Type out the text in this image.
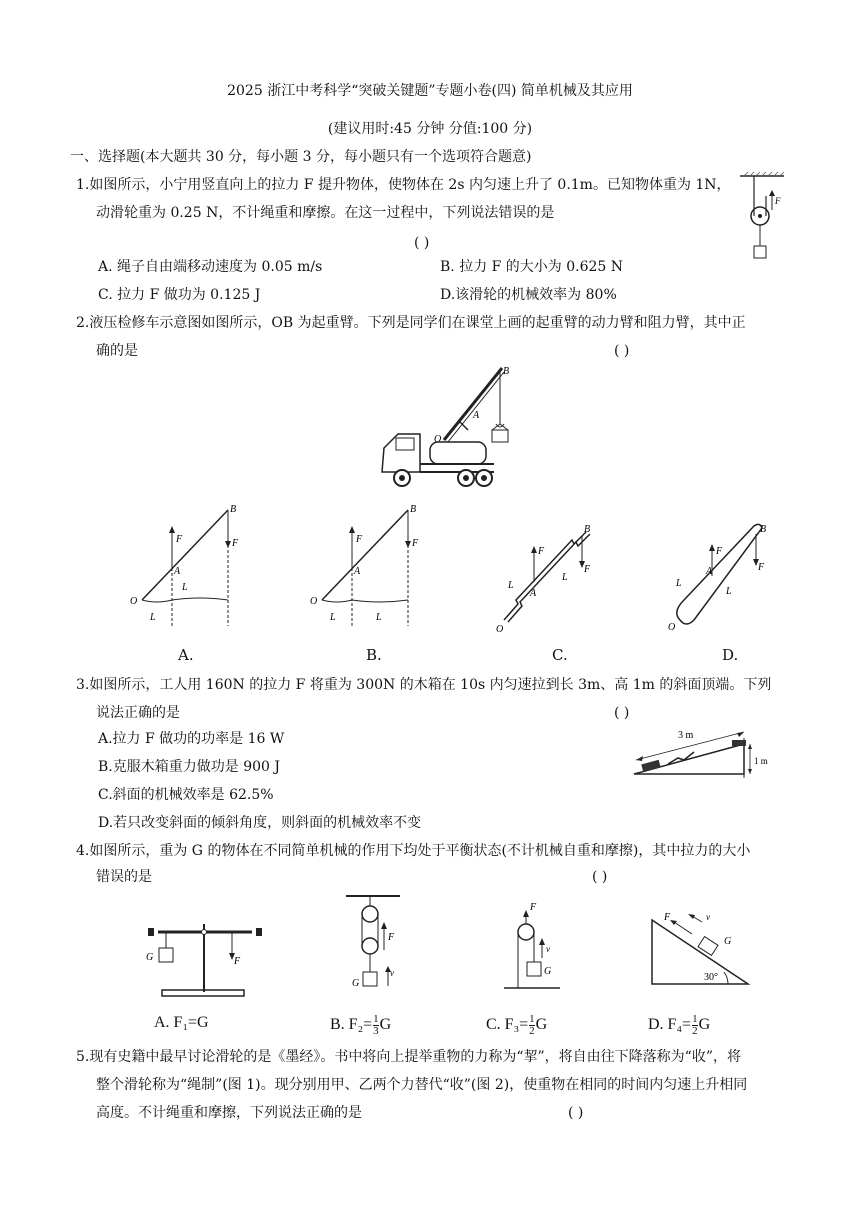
2025 浙江中考科学“突破关键题”专题小卷(四) 简单机械及其应用
(建议用时:45 分钟 分值:100 分)
一、选择题(本大题共 30 分，每小题 3 分，每小题只有一个选项符合题意)
1.如图所示，小宁用竖直向上的拉力 F 提升物体，使物体在 2s 内匀速上升了 0.1m。已知物体重为 1N，
动滑轮重为 0.25 N，不计绳重和摩擦。在这一过程中，下列说法错误的是
( )
A. 绳子自由端移动速度为 0.05 m/s	B. 拉力 F 的大小为 0.625 N
C. 拉力 F 做功为 0.125 J	D.该滑轮的机械效率为 80%
F
2.液压检修车示意图如图所示，OB 为起重臂。下列是同学们在课堂上画的起重臂的动力臂和阻力臂，其中正
确的是	( )
B
A
O
F	F
B
A
O
L
L
A.
F	F
B
A
O
L	L
B.
F
F
B
A
O
L
L
C.
F
F
B
A
O
L
L
D.
3.如图所示，工人用 160N 的拉力 F 将重为 300N 的木箱在 10s 内匀速拉到长 3m、高 1m 的斜面顶端。下列
说法正确的是	( )
A.拉力 F 做功的功率是 16 W
B.克服木箱重力做功是 900 J
C.斜面的机械效率是 62.5%
D.若只改变斜面的倾斜角度，则斜面的机械效率不变
3 m
1 m
4.如图所示，重为 G 的物体在不同简单机械的作用下均处于平衡状态(不计机械自重和摩擦)，其中拉力的大小
错误的是	( )
G	F
A. F₁=G
F
G
v
B. $F_2= \frac{1}{3}$ G
F
G
v
C. $F_3= \frac{1}{2}$ G
F	v
G
30°
D. $F_4= \frac{1}{2}$ G
5.现有史籍中最早讨论滑轮的是《墨经》。书中将向上提举重物的力称为“挈”，将自由往下降落称为“收”，将
整个滑轮称为“绳制”(图 1)。现分别用甲、乙两个力替代“收”(图 2)，使重物在相同的时间内匀速上升相同
高度。不计绳重和摩擦，下列说法正确的是	( )
